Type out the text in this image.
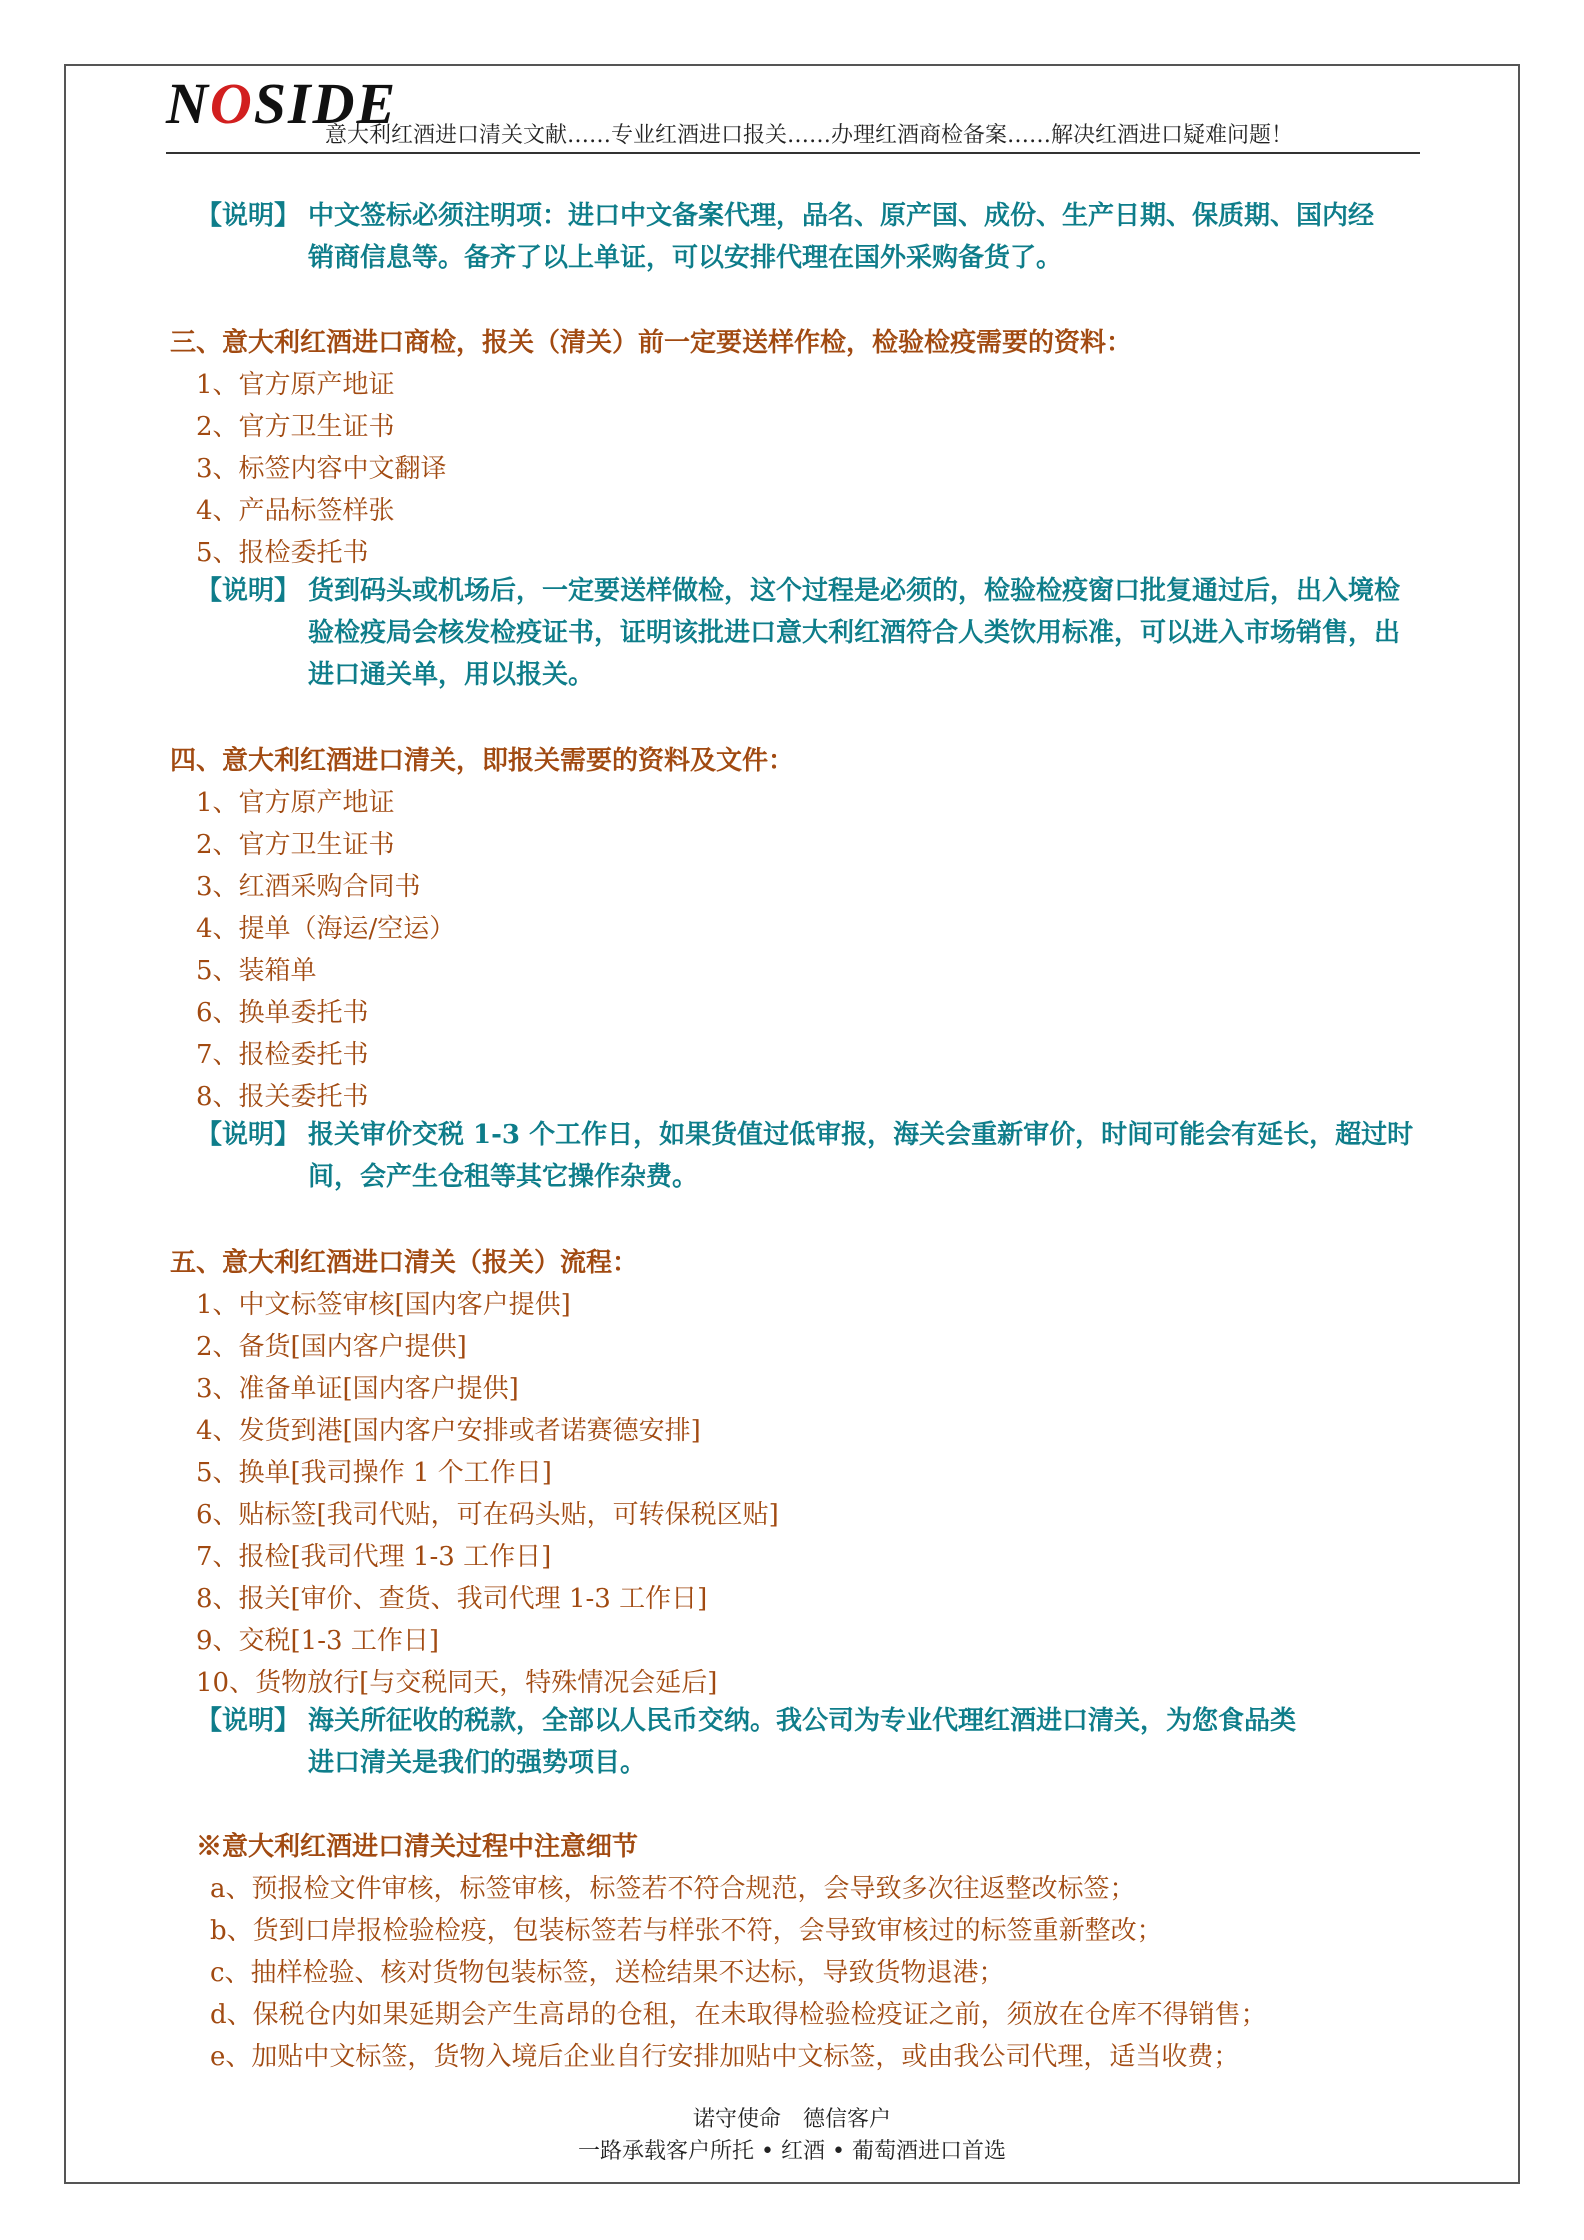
NOSIDE
意大利红酒进口清关文献……专业红酒进口报关……办理红酒商检备案……解决红酒进口疑难问题！
【说明】 中文签标必须注明项：进口中文备案代理，品名、原产国、成份、生产日期、保质期、国内经销商信息等。备齐了以上单证，可以安排代理在国外采购备货了。
三、意大利红酒进口商检，报关（清关）前一定要送样作检，检验检疫需要的资料：
1、官方原产地证
2、官方卫生证书
3、标签内容中文翻译
4、产品标签样张
5、报检委托书
【说明】 货到码头或机场后，一定要送样做检，这个过程是必须的，检验检疫窗口批复通过后，出入境检验检疫局会核发检疫证书，证明该批进口意大利红酒符合人类饮用标准，可以进入市场销售，出进口通关单，用以报关。
四、意大利红酒进口清关，即报关需要的资料及文件：
1、官方原产地证
2、官方卫生证书
3、红酒采购合同书
4、提单（海运/空运）
5、装箱单
6、换单委托书
7、报检委托书
8、报关委托书
【说明】 报关审价交税 1-3 个工作日，如果货值过低审报，海关会重新审价，时间可能会有延长，超过时间，会产生仓租等其它操作杂费。
五、意大利红酒进口清关（报关）流程：
1、中文标签审核[国内客户提供]
2、备货[国内客户提供]
3、准备单证[国内客户提供]
4、发货到港[国内客户安排或者诺赛德安排]
5、换单[我司操作 1 个工作日]
6、贴标签[我司代贴，可在码头贴，可转保税区贴]
7、报检[我司代理 1-3 工作日]
8、报关[审价、查货、我司代理 1-3 工作日]
9、交税[1-3 工作日]
10、货物放行[与交税同天，特殊情况会延后]
【说明】 海关所征收的税款，全部以人民币交纳。我公司为专业代理红酒进口清关，为您食品类进口清关是我们的强势项目。
※意大利红酒进口清关过程中注意细节
a、预报检文件审核，标签审核，标签若不符合规范，会导致多次往返整改标签；
b、货到口岸报检验检疫，包装标签若与样张不符，会导致审核过的标签重新整改；
c、抽样检验、核对货物包装标签，送检结果不达标，导致货物退港；
d、保税仓内如果延期会产生高昂的仓租，在未取得检验检疫证之前，须放在仓库不得销售；
e、加贴中文标签，货物入境后企业自行安排加贴中文标签，或由我公司代理，适当收费；
诺守使命　德信客户
一路承载客户所托 • 红酒 • 葡萄酒进口首选
